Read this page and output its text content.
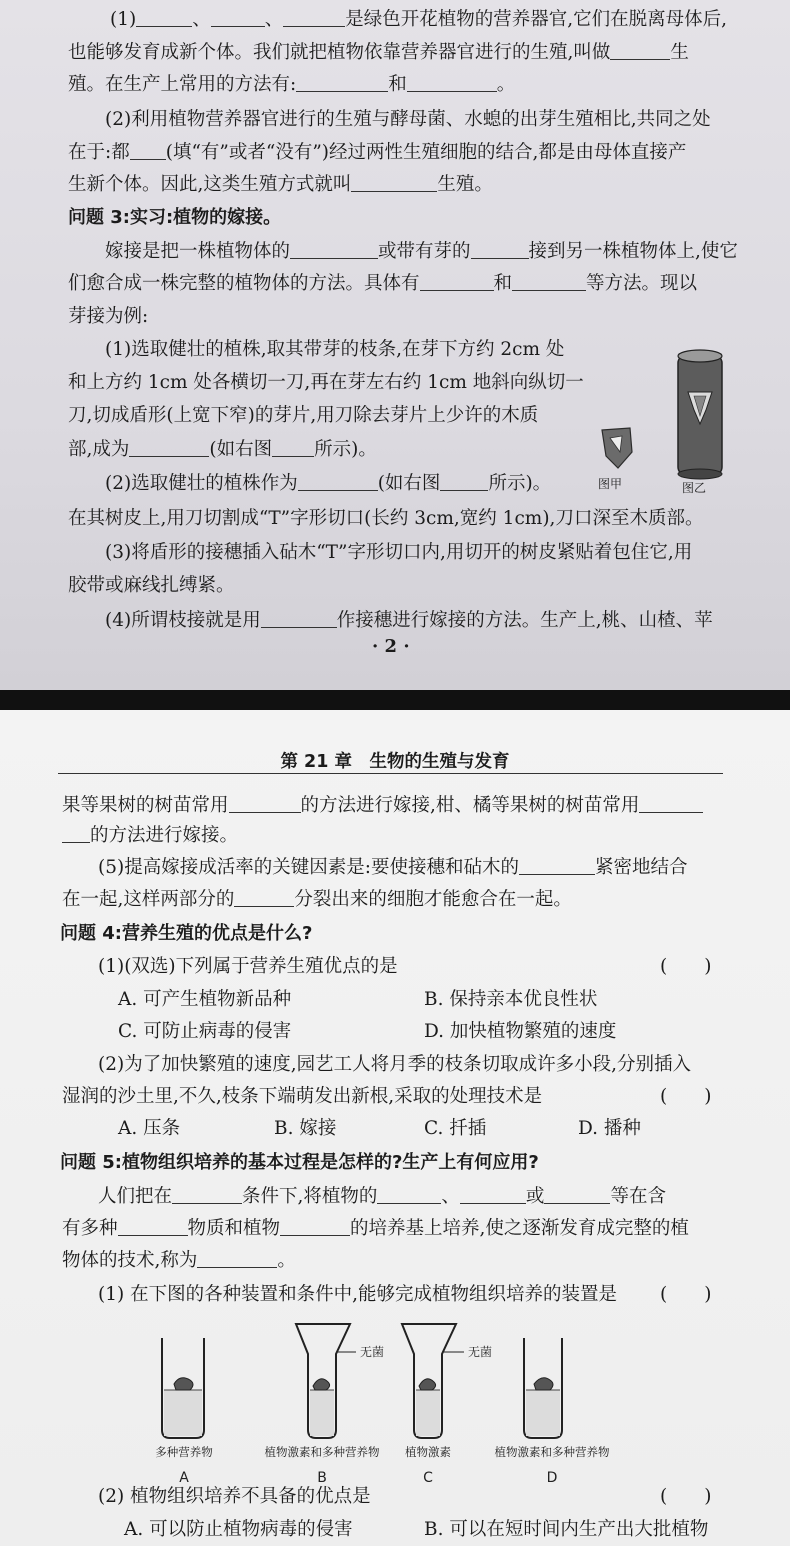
(1)	、	、	是绿色开花植物的营养器官,它们在脱离母体后,
也能够发育成新个体。我们就把植物依靠营养器官进行的生殖,叫做	生
殖。在生产上常用的方法有:	和	。
(2)利用植物营养器官进行的生殖与酵母菌、水螅的出芽生殖相比,共同之处
在于:都 (填“有”或者“没有”)经过两性生殖细胞的结合,都是由母体直接产
生新个体。因此,这类生殖方式就叫	生殖。
问题 3:实习:植物的嫁接。
嫁接是把一株植物体的	或带有芽的	接到另一株植物体上,使它
们愈合成一株完整的植物体的方法。具体有	和	等方法。现以
芽接为例:
(1)选取健壮的植株,取其带芽的枝条,在芽下方约 2cm 处
和上方约 1cm 处各横切一刀,再在芽左右约 1cm 地斜向纵切一
刀,切成盾形(上宽下窄)的芽片,用刀除去芽片上少许的木质
部,成为	(如右图 所示)。
(2)选取健壮的植株作为	(如右图	所示)。	图甲	图乙
在其树皮上,用刀切割成“T”字形切口(长约 3cm,宽约 1cm),刀口深至木质部。
(3)将盾形的接穗插入砧木“T”字形切口内,用切开的树皮紧贴着包住它,用
胶带或麻线扎缚紧。
(4)所谓枝接就是用	作接穗进行嫁接的方法。生产上,桃、山楂、苹
· 2 ·
第 21 章　生物的生殖与发育
果等果树的树苗常用	的方法进行嫁接,柑、橘等果树的树苗常用
的方法进行嫁接。
(5)提高嫁接成活率的关键因素是:要使接穗和砧木的	紧密地结合
在一起,这样两部分的	分裂出来的细胞才能愈合在一起。
问题 4:营养生殖的优点是什么?
(1)(双选)下列属于营养生殖优点的是	(　　)
A. 可产生植物新品种	B. 保持亲本优良性状
C. 可防止病毒的侵害	D. 加快植物繁殖的速度
(2)为了加快繁殖的速度,园艺工人将月季的枝条切取成许多小段,分别插入
湿润的沙土里,不久,枝条下端萌发出新根,采取的处理技术是	(　　)
A. 压条	B. 嫁接	C. 扦插	D. 播种
问题 5:植物组织培养的基本过程是怎样的?生产上有何应用?
人们把在	条件下,将植物的	、	或	等在含
有多种	物质和植物	的培养基上培养,使之逐渐发育成完整的植
物体的技术,称为	。
(1) 在下图的各种装置和条件中,能够完成植物组织培养的装置是 (　　)
无菌	无菌
多种营养物	植物激素和多种营养物 植物激素	植物激素和多种营养物
A	B	C	D
(2) 植物组织培养不具备的优点是	(　　)
A. 可以防止植物病毒的侵害	B. 可以在短时间内生产出大批植物
